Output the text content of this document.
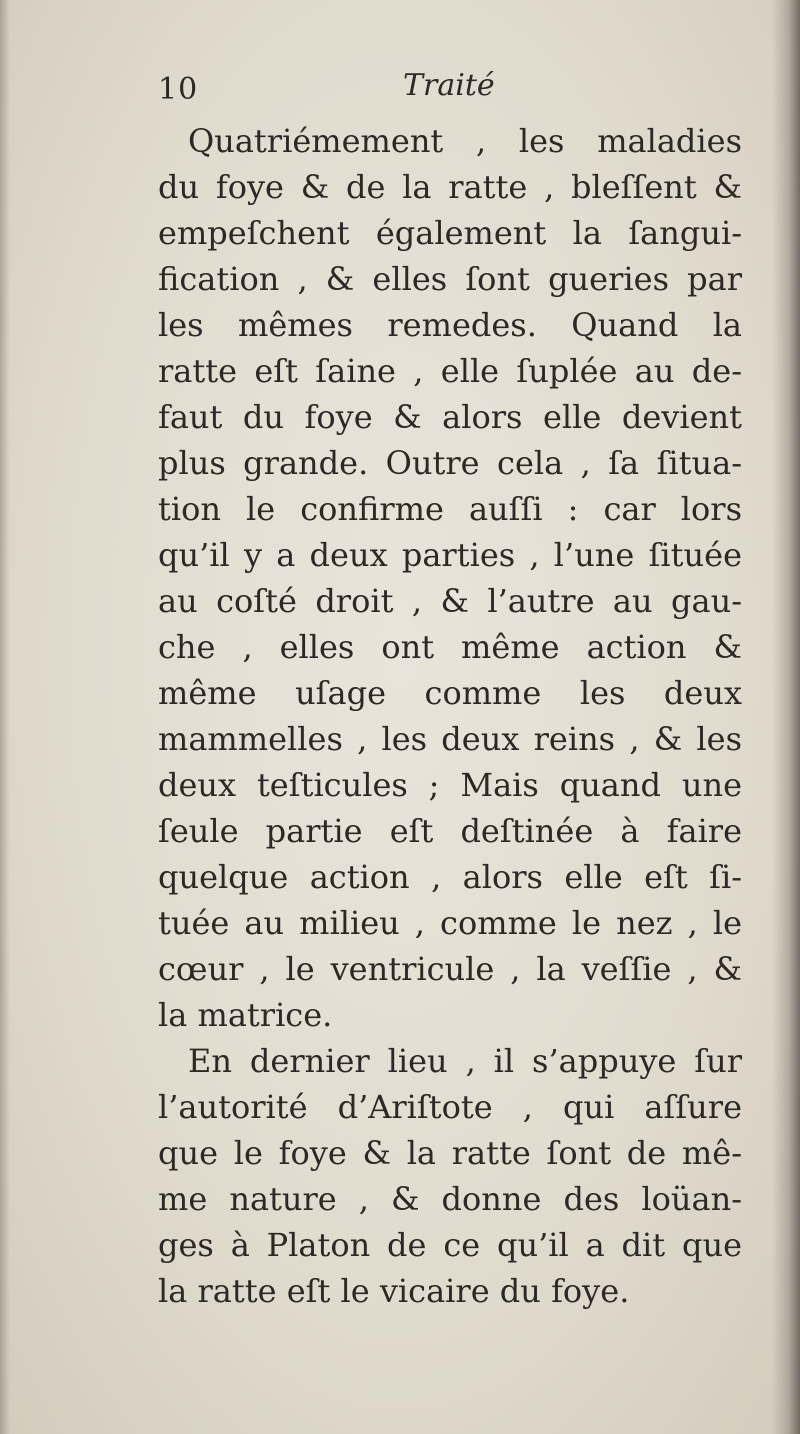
10	Traité
Quatriémement , les maladies
du foye & de la ratte , bleſſent &
empeſchent également la ſangui-
fication , & elles ſont gueries par
les mêmes remedes. Quand la
ratte eſt ſaine , elle ſuplée au de-
faut du foye & alors elle devient
plus grande. Outre cela , ſa ſitua-
tion le confirme auſſi : car lors
qu’il y a deux parties , l’une ſituée
au coſté droit , & l’autre au gau-
che , elles ont même action &
même uſage comme les deux
mammelles , les deux reins , & les
deux teſticules ; Mais quand une
ſeule partie eſt deſtinée à faire
quelque action , alors elle eſt ſi-
tuée au milieu , comme le nez , le
cœur , le ventricule , la veſſie , &
la matrice.
En dernier lieu , il s’appuye ſur
l’autorité d’Ariſtote , qui aſſure
que le foye & la ratte ſont de mê-
me nature , & donne des loüan-
ges à Platon de ce qu’il a dit que
la ratte eſt le vicaire du foye.
